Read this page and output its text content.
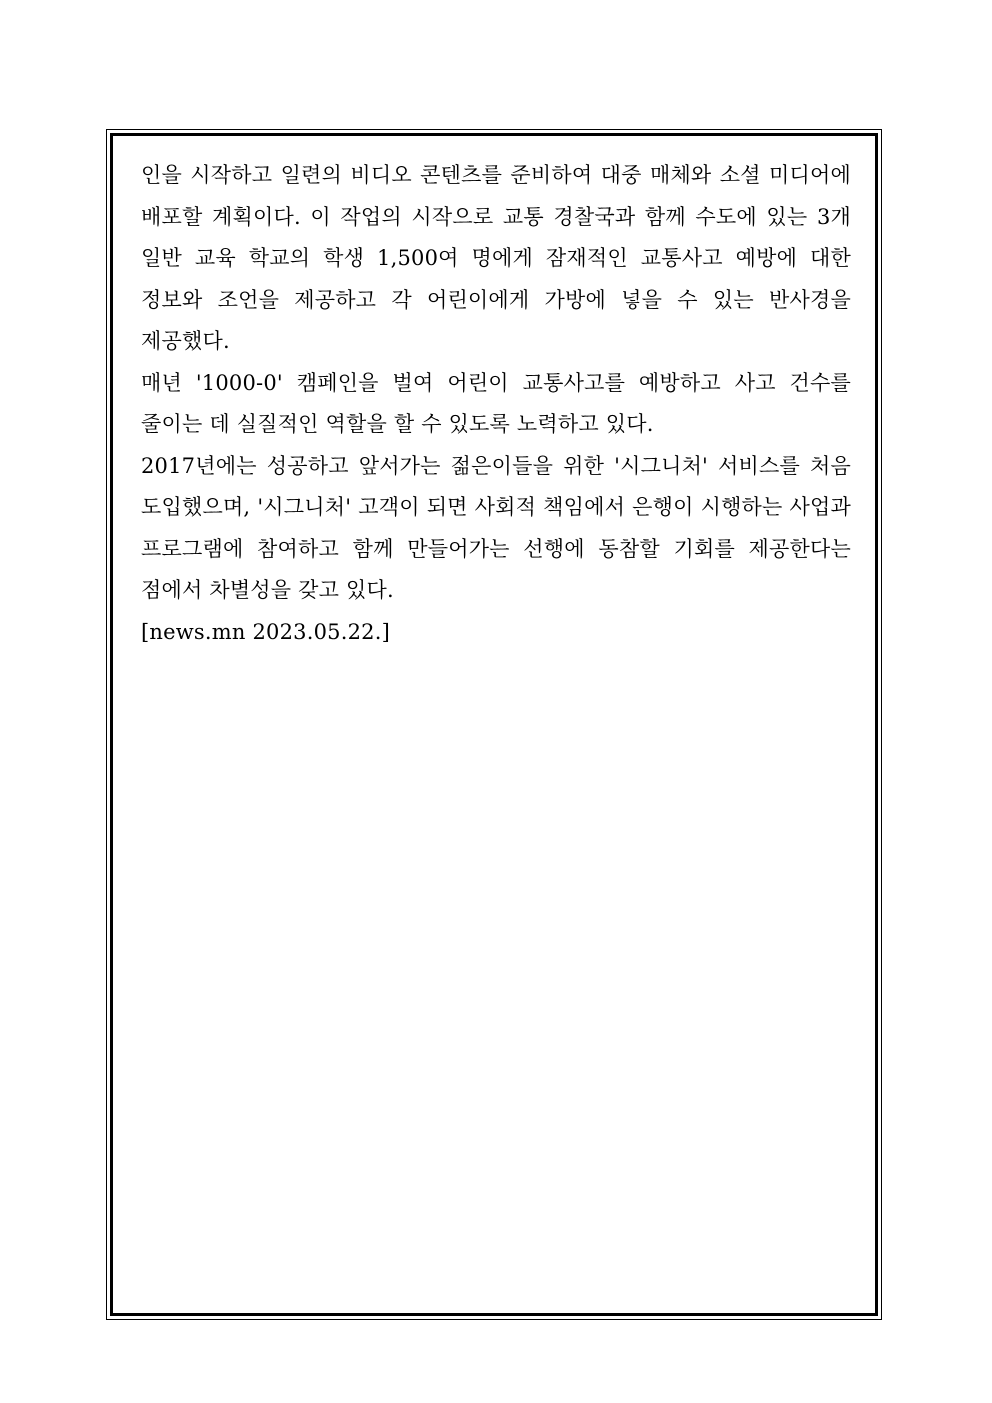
인을 시작하고 일련의 비디오 콘텐츠를 준비하여 대중 매체와 소셜 미디어에 배포할 계획이다. 이 작업의 시작으로 교통 경찰국과 함께 수도에 있는 3개 일반 교육 학교의 학생 1,500여 명에게 잠재적인 교통사고 예방에 대한 정보와 조언을 제공하고 각 어린이에게 가방에 넣을 수 있는 반사경을 제공했다.

매년 '1000-0' 캠페인을 벌여 어린이 교통사고를 예방하고 사고 건수를 줄이는 데 실질적인 역할을 할 수 있도록 노력하고 있다.

2017년에는 성공하고 앞서가는 젊은이들을 위한 '시그니처' 서비스를 처음 도입했으며, '시그니처' 고객이 되면 사회적 책임에서 은행이 시행하는 사업과 프로그램에 참여하고 함께 만들어가는 선행에 동참할 기회를 제공한다는 점에서 차별성을 갖고 있다.

[news.mn 2023.05.22.]
